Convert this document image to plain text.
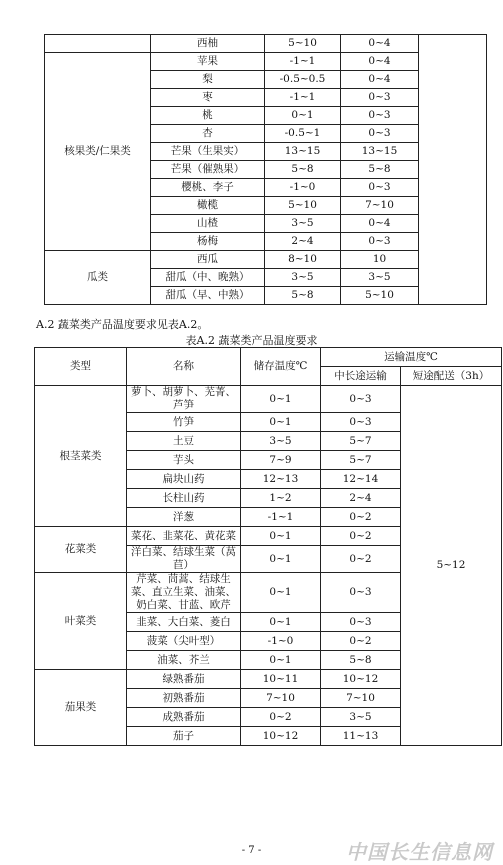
	西柚	5~10	0~4	
核果类/仁果类	苹果	-1~1	0~4	
	梨	-0.5~0.5	0~4	
	枣	-1~1	0~3	
	桃	0~1	0~3	
	杏	-0.5~1	0~3	
	芒果（生果实）	13~15	13~15	
	芒果（催熟果）	5~8	5~8	
	樱桃、李子	-1~0	0~3	
	橄榄	5~10	7~10	
	山楂	3~5	0~4	
	杨梅	2~4	0~3	
瓜类	西瓜	8~10	10	
	甜瓜（中、晚熟）	3~5	3~5	
	甜瓜（早、中熟）	5~8	5~10	
A.2 蔬菜类产品温度要求见表A.2。
表A.2 蔬菜类产品温度要求
类型	名称	储存温度℃	运输温度℃	
			中长途运输	短途配送（3h）
根茎菜类	萝卜、胡萝卜、芜菁、芦笋	0~1	0~3	5~12
	竹笋	0~1	0~3	
	土豆	3~5	5~7	
	芋头	7~9	5~7	
	扁块山药	12~13	12~14	
	长柱山药	1~2	2~4	
	洋葱	-1~1	0~2	
花菜类	菜花、韭菜花、黄花菜	0~1	0~2	
	洋白菜、结球生菜（莴苣）	0~1	0~2	
叶菜类	芹菜、茼蒿、结球生菜、直立生菜、油菜、奶白菜、甘蓝、欧芹	0~1	0~3	
	韭菜、大白菜、菱白	0~1	0~3	
	菠菜（尖叶型）	-1~0	0~2	
	油菜、芥兰	0~1	5~8	
茄果类	绿熟番茄	10~11	10~12	
	初熟番茄	7~10	7~10	
	成熟番茄	0~2	3~5	
	茄子	10~12	11~13	
- 7 -	中国长生信息网
